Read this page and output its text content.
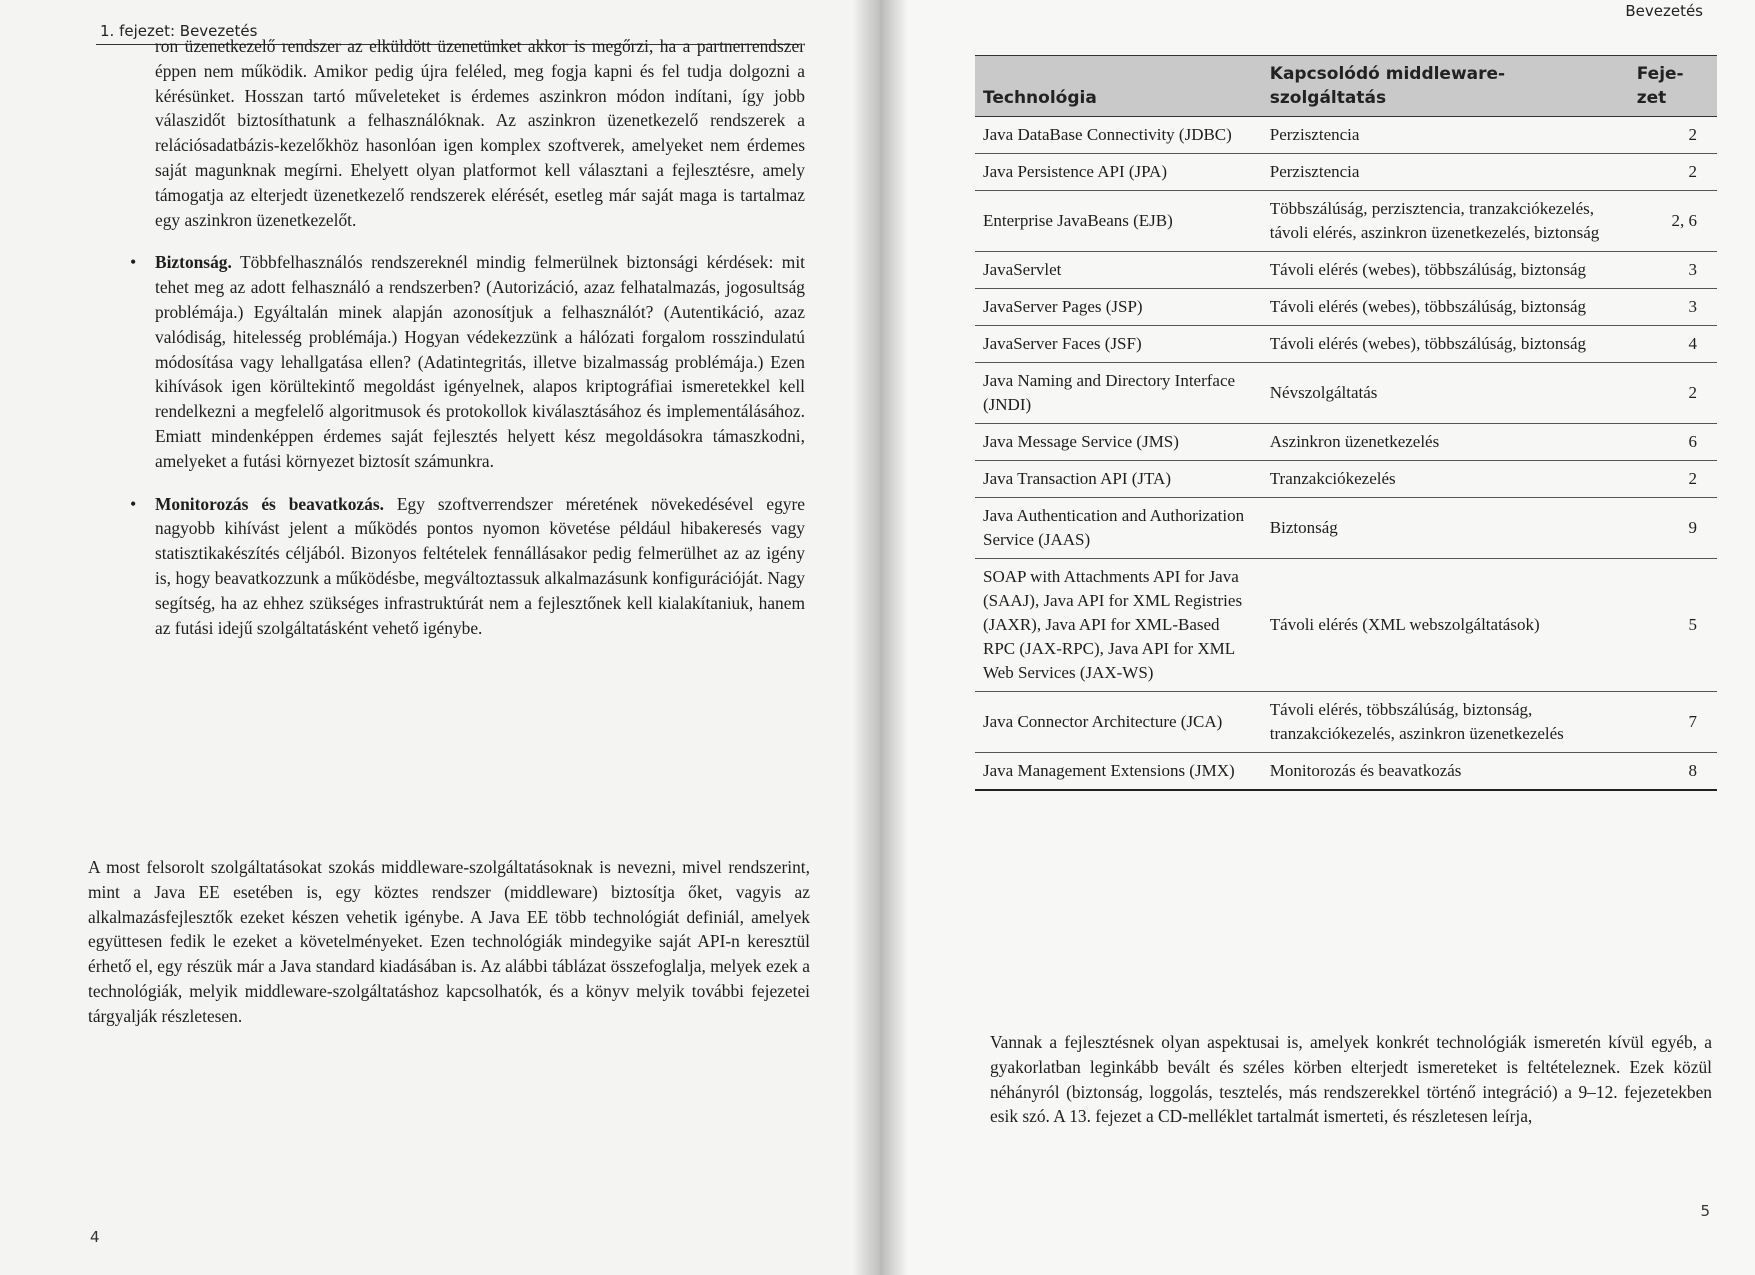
1. fejezet: Bevezetés
ron üzenetkezelő rendszer az elküldött üzenetünket akkor is megőrzi, ha a partnerrendszer éppen nem működik. Amikor pedig újra feléled, meg fogja kapni és fel tudja dolgozni a kérésünket. Hosszan tartó műveleteket is érdemes aszinkron módon indítani, így jobb válaszidőt biztosíthatunk a felhasználóknak. Az aszinkron üzenetkezelő rendszerek a relációsadatbázis-kezelőkhöz hasonlóan igen komplex szoftverek, amelyeket nem érdemes saját magunknak megírni. Ehelyett olyan platformot kell választani a fejlesztésre, amely támogatja az elterjedt üzenetkezelő rendszerek elérését, esetleg már saját maga is tartalmaz egy aszinkron üzenetkezelőt.
• Biztonság. Többfelhasználós rendszereknél mindig felmerülnek biztonsági kérdések: mit tehet meg az adott felhasználó a rendszerben? (Autorizáció, azaz felhatalmazás, jogosultság problémája.) Egyáltalán minek alapján azonosítjuk a felhasználót? (Autentikáció, azaz valódiság, hitelesség problémája.) Hogyan védekezzünk a hálózati forgalom rosszindulatú módosítása vagy lehallgatása ellen? (Adatintegritás, illetve bizalmasság problémája.) Ezen kihívások igen körültekintő megoldást igényelnek, alapos kriptográfiai ismeretekkel kell rendelkezni a megfelelő algoritmusok és protokollok kiválasztásához és implementálásához. Emiatt mindenképpen érdemes saját fejlesztés helyett kész megoldásokra támaszkodni, amelyeket a futási környezet biztosít számunkra.
• Monitorozás és beavatkozás. Egy szoftverrendszer méretének növekedésével egyre nagyobb kihívást jelent a működés pontos nyomon követése például hibakeresés vagy statisztikakészítés céljából. Bizonyos feltételek fennállásakor pedig felmerülhet az az igény is, hogy beavatkozzunk a működésbe, megváltoztassuk alkalmazásunk konfigurációját. Nagy segítség, ha az ehhez szükséges infrastruktúrát nem a fejlesztőnek kell kialakítaniuk, hanem az futási idejű szolgáltatásként vehető igénybe.
A most felsorolt szolgáltatásokat szokás middleware-szolgáltatásoknak is nevezni, mivel rendszerint, mint a Java EE esetében is, egy köztes rendszer (middleware) biztosítja őket, vagyis az alkalmazásfejlesztők ezeket készen vehetik igénybe. A Java EE több technológiát definiál, amelyek együttesen fedik le ezeket a követelményeket. Ezen technológiák mindegyike saját API-n keresztül érhető el, egy részük már a Java standard kiadásában is. Az alábbi táblázat összefoglalja, melyek ezek a technológiák, melyik middleware-szolgáltatáshoz kapcsolhatók, és a könyv melyik további fejezetei tárgyalják részletesen.
4
Bevezetés
Technológia	Kapcsolódó middleware-szolgáltatás	Feje-zet
Java DataBase Connectivity (JDBC)	Perzisztencia	2
Java Persistence API (JPA)	Perzisztencia	2
Enterprise JavaBeans (EJB)	Többszálúság, perzisztencia, tranzakciókezelés, távoli elérés, aszinkron üzenetkezelés, biztonság	2, 6
JavaServlet	Távoli elérés (webes), többszálúság, biztonság	3
JavaServer Pages (JSP)	Távoli elérés (webes), többszálúság, biztonság	3
JavaServer Faces (JSF)	Távoli elérés (webes), többszálúság, biztonság	4
Java Naming and Directory Interface (JNDI)	Névszolgáltatás	2
Java Message Service (JMS)	Aszinkron üzenetkezelés	6
Java Transaction API (JTA)	Tranzakciókezelés	2
Java Authentication and Authorization Service (JAAS)	Biztonság	9
SOAP with Attachments API for Java (SAAJ), Java API for XML Registries (JAXR), Java API for XML-Based RPC (JAX-RPC), Java API for XML Web Services (JAX-WS)	Távoli elérés (XML webszolgáltatások)	5
Java Connector Architecture (JCA)	Távoli elérés, többszálúság, biztonság, tranzakciókezelés, aszinkron üzenetkezelés	7
Java Management Extensions (JMX)	Monitorozás és beavatkozás	8
Vannak a fejlesztésnek olyan aspektusai is, amelyek konkrét technológiák ismeretén kívül egyéb, a gyakorlatban leginkább bevált és széles körben elterjedt ismereteket is feltételeznek. Ezek közül néhányról (biztonság, loggolás, tesztelés, más rendszerekkel történő integráció) a 9–12. fejezetekben esik szó. A 13. fejezet a CD-melléklet tartalmát ismerteti, és részletesen leírja,
5
